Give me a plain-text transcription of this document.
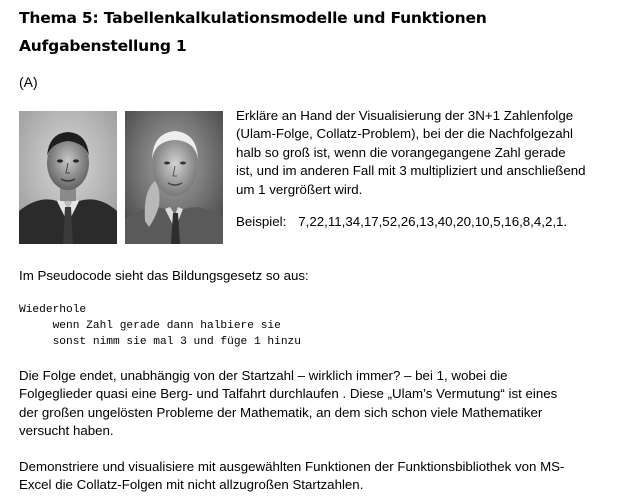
Thema 5: Tabellenkalkulationsmodelle und Funktionen
Aufgabenstellung 1
(A)

Erkläre an Hand der Visualisierung der 3N+1 Zahlenfolge

(Ulam-Folge, Collatz-Problem), bei der die Nachfolgezahl

halb so groß ist, wenn die vorangegangene Zahl gerade

ist, und im anderen Fall mit 3 multipliziert und anschließend

um 1 vergrößert wird.

Beispiel: 7,22,11,34,17,52,26,13,40,20,10,5,16,8,4,2,1.
Im Pseudocode sieht das Bildungsgesetz so aus:
Wiederhole
wenn Zahl gerade dann halbiere sie
sonst nimm sie mal 3 und füge 1 hinzu

Die Folge endet, unabhängig von der Startzahl – wirklich immer? – bei 1, wobei die

Folgeglieder quasi eine Berg- und Talfahrt durchlaufen . Diese „Ulam’s Vermutung“ ist eines

der großen ungelösten Probleme der Mathematik, an dem sich schon viele Mathematiker

versucht haben.

Demonstriere und visualisiere mit ausgewählten Funktionen der Funktionsbibliothek von MS-

Excel die Collatz-Folgen mit nicht allzugroßen Startzahlen.
